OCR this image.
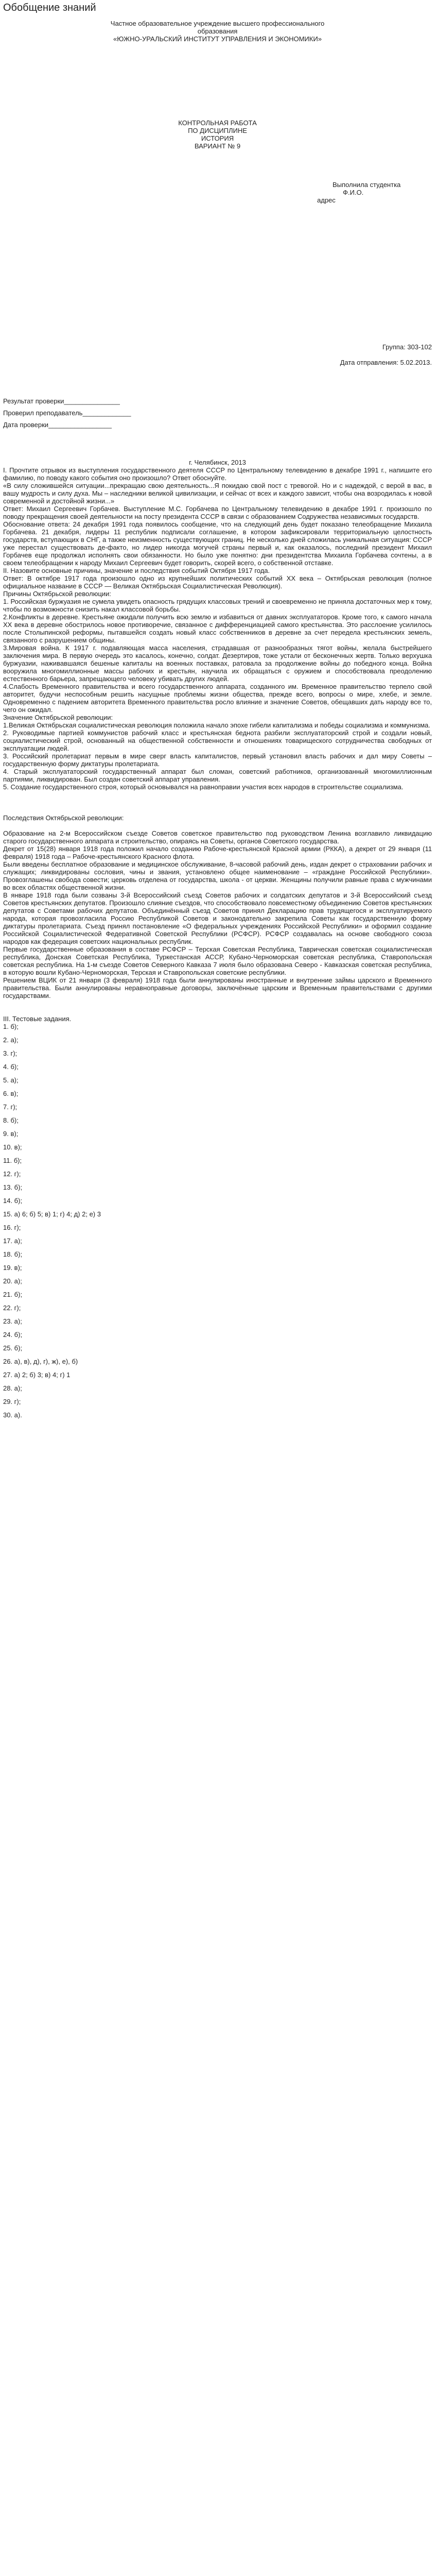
Обобщение знаний
Частное образовательное учреждение высшего профессионального
образования
«ЮЖНО-УРАЛЬСКИЙ ИНСТИТУТ УПРАВЛЕНИЯ И ЭКОНОМИКИ»
КОНТРОЛЬНАЯ РАБОТА
ПО ДИСЦИПЛИНЕ
ИСТОРИЯ
ВАРИАНТ № 9
Выполнила студентка
Ф.И.О.
адрес
Группа: 303-102
Дата отправления: 5.02.2013.
Результат проверки_______________
Проверил преподаватель_____________
Дата проверки_________________
г. Челябинск, 2013

I. Прочтите отрывок из выступления государственного деятеля СССР по Центральному телевидению в декабре 1991 г., напишите его фамилию, по поводу какого события оно произошло? Ответ обоснуйте.

«В силу сложившейся ситуации...прекращаю свою деятельность...Я покидаю свой пост с тревогой. Но и с надеждой, с верой в вас, в вашу мудрость и силу духа. Мы – наследники великой цивилизации, и сейчас от всех и каждого зависит, чтобы она возродилась к новой современной и достойной жизни...»

Ответ: Михаил Сергеевич Горбачев. Выступление М.С. Горбачева по Центральному телевидению в декабре 1991 г. произошло по поводу прекращения своей деятельности на посту президента СССР в связи с образованием Содружества независимых государств.

Обоснование ответа: 24 декабря 1991 года появилось сообщение, что на следующий день будет показано телеобращение Михаила Горбачева. 21 декабря, лидеры 11 республик подписали соглашение, в котором зафиксировали территориальную целостность государств, вступающих в СНГ, а также неизменность существующих границ. Не несколько дней сложилась уникальная ситуация: СССР уже перестал существовать де-факто, но лидер никогда могучей страны первый и, как оказалось, последний президент Михаил Горбачев еще продолжал исполнять свои обязанности. Но было уже понятно: дни президентства Михаила Горбачева сочтены, а в своем телеобращении к народу Михаил Сергеевич будет говорить, скорей всего, о собственной отставке.

II. Назовите основные причины, значение и последствия событий Октября 1917 года.

Ответ: В октябре 1917 года произошло одно из крупнейших политических событий ХХ века – Октябрьская революция (полное официальное название в СССР — Великая Октябрьская Социалистическая Революция).

Причины Октябрьской революции:

1. Российская буржуазия не сумела увидеть опасность грядущих классовых трений и своевременно не приняла достаточных мер к тому, чтобы по возможности снизить накал классовой борьбы.

2.Конфликты в деревне. Крестьяне ожидали получить всю землю и избавиться от давних эксплуататоров. Кроме того, к самого начала ХХ века в деревне обострилось новое противоречие, связанное с дифференциацией самого крестьянства. Это расслоение усилилось после Столыпинской реформы, пытавшейся создать новый класс собственников в деревне за счет передела крестьянских земель, связанного с разрушением общины.

3.Мировая война. К 1917 г. подавляющая масса населения, страдавшая от разнообразных тягот войны, желала быстрейшего заключения мира. В первую очередь это касалось, конечно, солдат. Дезертиров, тоже устали от бесконечных жертв. Только верхушка буржуазии, наживавшаяся бешеные капиталы на военных поставках, ратовала за продолжение войны до победного конца. Война вооружила многомиллионные массы рабочих и крестьян, научила их обращаться с оружием и способствовала преодолению естественного барьера, запрещающего человеку убивать других людей.

4.Слабость Временного правительства и всего государственного аппарата, созданного им. Временное правительство терпело свой авторитет, будучи неспособным решить насущные проблемы жизни общества, прежде всего, вопросы о мире, хлебе, и земле. Одновременно с падением авторитета Временного правительства росло влияние и значение Советов, обещавших дать народу все то, чего он ожидал.

Значение Октябрьской революции:

1.Великая Октябрьская социалистическая революция положила начало эпохе гибели капитализма и победы социализма и коммунизма.

2. Руководимые партией коммунистов рабочий класс и крестьянская беднота разбили эксплуататорский строй и создали новый, социалистический строй, основанный на общественной собственности и отношениях товарищеского сотрудничества свободных от эксплуатации людей.

3. Российский пролетариат первым в мире сверг власть капиталистов, первый установил власть рабочих и дал миру Советы – государственную форму диктатуры пролетариата.

4. Старый эксплуататорский государственный аппарат был сломан, советский работников, организованный многомиллионным партиями, ликвидирован. Был создан советский аппарат управления.

5. Создание государственного строя, который основывался на равноправии участия всех народов в строительстве социализма.

Последствия Октябрьской революции:

Образование на 2-м Всероссийском съезде Советов советское правительство под руководством Ленина возглавило ликвидацию старого государственного аппарата и строительство, опираясь на Советы, органов Советского государства.

Декрет от 15(28) января 1918 года положил начало созданию Рабоче-крестьянской Красной армии (РККА), а декрет от 29 января (11 февраля) 1918 года – Рабоче-крестьянского Красного флота.

Были введены бесплатное образование и медицинское обслуживание, 8-часовой рабочий день, издан декрет о страховании рабочих и служащих; ликвидированы сословия, чины и звания, установлено общее наименование – «граждане Российской Республики». Провозглашены свобода совести; церковь отделена от государства, школа - от церкви. Женщины получили равные права с мужчинами во всех областях общественной жизни.

В январе 1918 года были созваны 3-й Всероссийский съезд Советов рабочих и солдатских депутатов и 3-й Всероссийский съезд Советов крестьянских депутатов. Произошло слияние съездов, что способствовало повсеместному объединению Советов крестьянских депутатов с Советами рабочих депутатов. Объединённый съезд Советов принял Декларацию прав трудящегося и эксплуатируемого народа, которая провозгласила Россию Республикой Советов и законодательно закрепила Советы как государственную форму диктатуры пролетариата. Съезд принял постановление «О федеральных учреждениях Российской Республики» и оформил создание Российской Социалистической Федеративной Советской Республики (РСФСР). РСФСР создавалась на основе свободного союза народов как федерация советских национальных республик.

Первые государственные образования в составе РСФСР – Терская Советская Республика, Таврическая советская социалистическая республика, Донская Советская Республика, Туркестанская АССР, Кубано-Черноморская советская республика, Ставропольская советская республика. На 1-м съезде Советов Северного Кавказа 7 июля было образована Северо - Кавказская советская республика, в которую вошли Кубано-Черноморская, Терская и Ставропольская советские республики.

Решением ВЦИК от 21 января (3 февраля) 1918 года были аннулированы иностранные и внутренние займы царского и Временного правительства. Были аннулированы неравноправные договоры, заключённые царским и Временным правительствами с другими государствами.

III. Тестовые задания.

1. б);

2. а);

3. г);

4. б);

5. а);

6. в);

7. г);

8. б);

9. в);

10. в);

11. б);

12. г);

13. б);

14. б);

15. а) 6; б) 5; в) 1; г) 4; д) 2; е) 3

16. г);

17. а);

18. б);

19. в);

20. а);

21. б);

22. г);

23. а);

24. б);

25. б);

26. а), в), д), г), ж), е), б)

27. а) 2; б) 3; в) 4; г) 1

28. а);

29. г);

30. а).
